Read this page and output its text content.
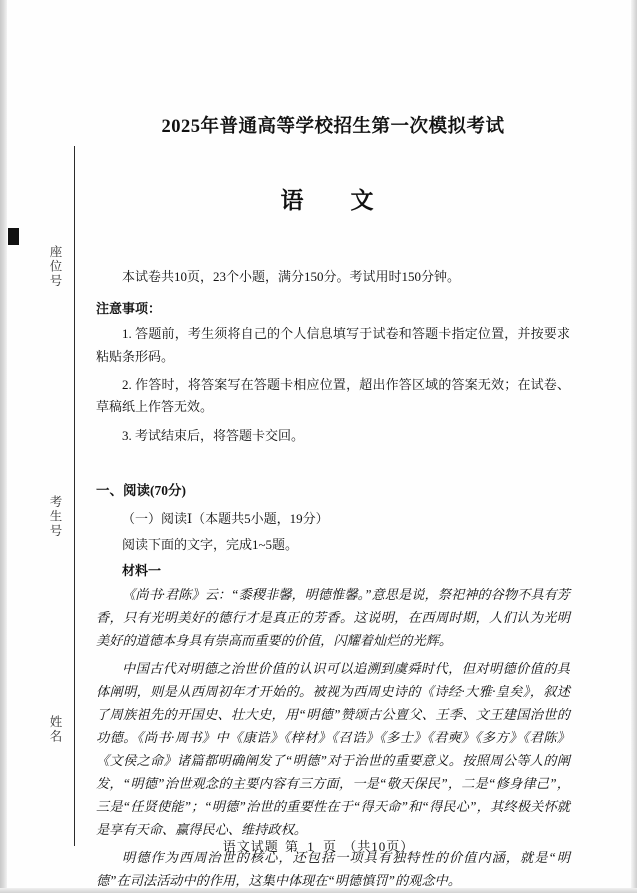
座位号
考生号
姓名
2025年普通高等学校招生第一次模拟考试
语　文
本试卷共10页，23个小题，满分150分。考试用时150分钟。
注意事项：
1. 答题前，考生须将自己的个人信息填写于试卷和答题卡指定位置，并按要求粘贴条形码。
2. 作答时，将答案写在答题卡相应位置，超出作答区域的答案无效；在试卷、草稿纸上作答无效。
3. 考试结束后，将答题卡交回。
一、阅读(70分)
（一）阅读Ⅰ（本题共5小题，19分）
阅读下面的文字，完成1~5题。
材料一
《尚书·君陈》云：“黍稷非馨，明德惟馨。”意思是说，祭祀神的谷物不具有芳香，只有光明美好的德行才是真正的芳香。这说明，在西周时期，人们认为光明美好的道德本身具有崇高而重要的价值，闪耀着灿烂的光辉。
中国古代对明德之治世价值的认识可以追溯到虞舜时代，但对明德价值的具体阐明，则是从西周初年才开始的。被视为西周史诗的《诗经·大雅·皇矣》，叙述了周族祖先的开国史、壮大史，用“明德”赞颂古公亶父、王季、文王建国治世的功德。《尚书·周书》中《康诰》《梓材》《召诰》《多士》《君奭》《多方》《君陈》《文侯之命》诸篇都明确阐发了“明德”对于治世的重要意义。按照周公等人的阐发，“明德”治世观念的主要内容有三方面，一是“敬天保民”，二是“修身律己”，三是“任贤使能”；“明德”治世的重要性在于“得天命”和“得民心”，其终极关怀就是享有天命、赢得民心、维持政权。
明德作为西周治世的核心，还包括一项具有独特性的价值内涵，就是“明德”在司法活动中的作用，这集中体现在“明德慎罚”的观念中。
语文试题 第 1 页 （共10页）
